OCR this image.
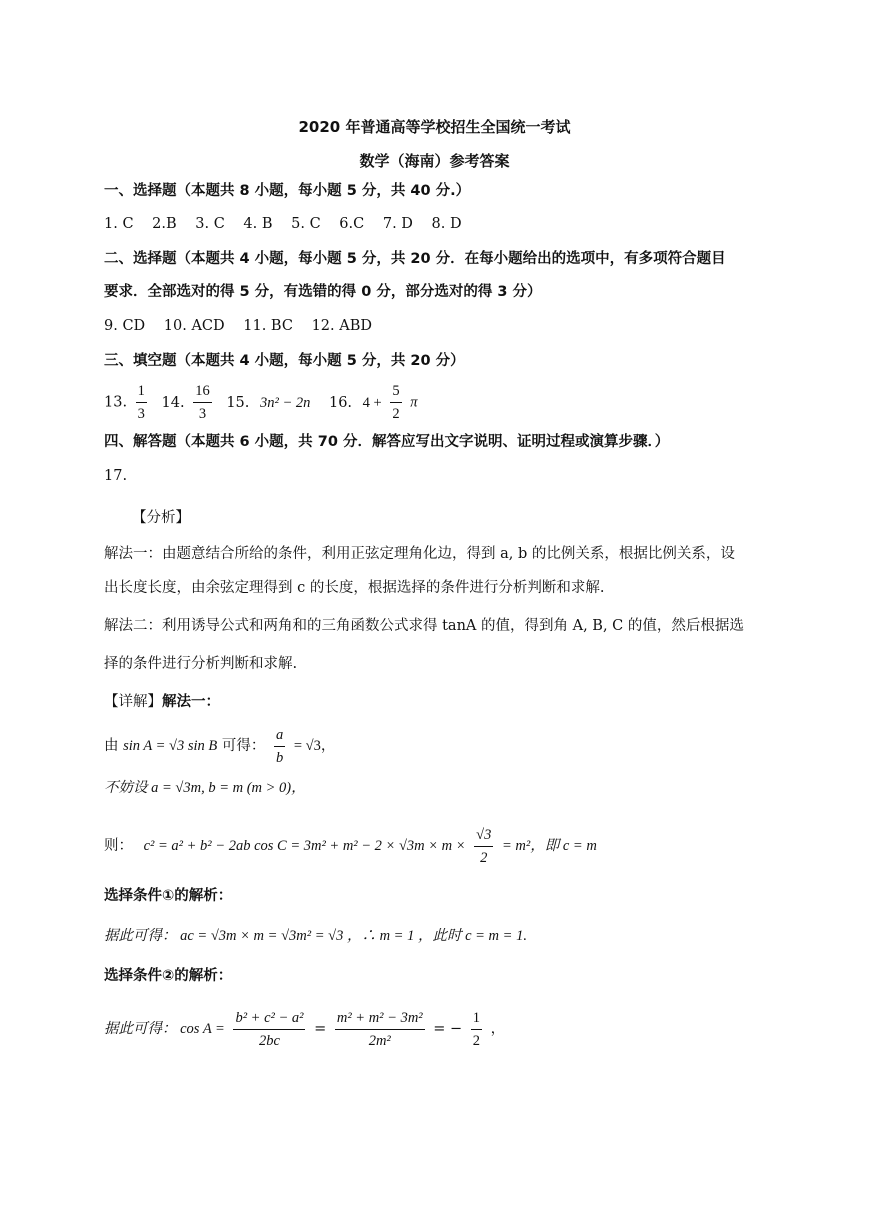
2020 年普通高等学校招生全国统一考试
数学（海南）参考答案
一、选择题（本题共 8 小题，每小题 5 分，共 40 分.）
1. C 2.B 3. C 4. B 5. C 6.C 7. D 8. D
二、选择题（本题共 4 小题，每小题 5 分，共 20 分．在每小题给出的选项中，有多项符合题目
要求．全部选对的得 5 分，有选错的得 0 分，部分选对的得 3 分）
9. CD 10. ACD 11. BC 12. ABD
三、填空题（本题共 4 小题，每小题 5 分，共 20 分）
13. $\frac{1}{3} 14$. $\frac{16}{3} 15$. 3n² − 2n 16. $4 + \frac{5}{2}$ π
四、解答题（本题共 6 小题，共 70 分．解答应写出文字说明、证明过程或演算步骤．）
17.
【分析】
解法一：由题意结合所给的条件，利用正弦定理角化边，得到 a, b 的比例关系，根据比例关系，设
出长度长度，由余弦定理得到 c 的长度，根据选择的条件进行分析判断和求解.
解法二：利用诱导公式和两角和的三角函数公式求得 tanA 的值，得到角 A, B, C 的值，然后根据选
择的条件进行分析判断和求解.
【详解】解法一：
由 sin A = √3 sin B 可得： $\frac{a}{b} = √3$，
不妨设 a = √3m, b = m (m > 0)，
则： c² = a² + b² − 2ab $\cos C = 3m^2 + m^2 - 2 \times √3m \times m \times \frac{√3}{2} = m^2$，即 c = m
选择条件①的解析：
据此可得： ac = √3m × m = √3m² = √3 ，∴ m = 1 ，此时 c = m = 1.
选择条件②的解析：
据此可得： $\cos A = \frac{\text{b² + c² − a²}}{2bc} = \frac{\text{m² + m² − 3m²}}{\text{2m²}}$ = − $\frac{1}{2}$ ，
